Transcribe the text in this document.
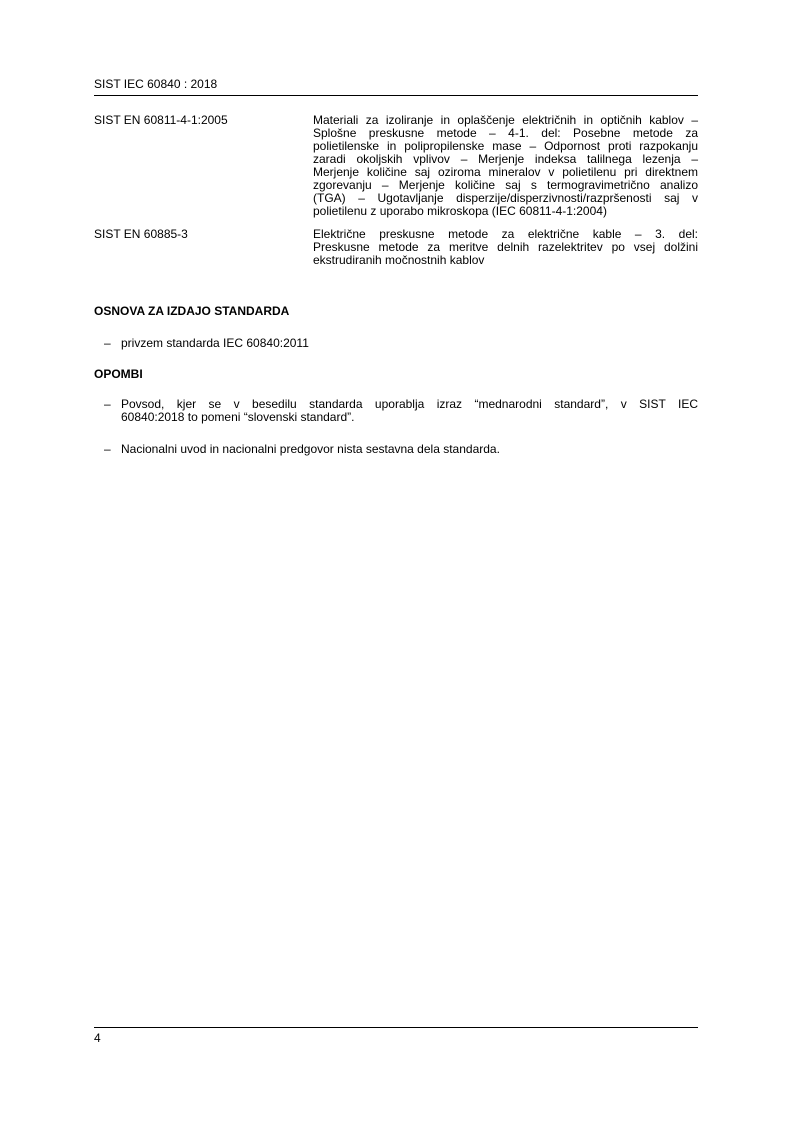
SIST IEC 60840 : 2018
SIST EN 60811-4-1:2005	Materiali za izoliranje in oplaščenje električnih in optičnih kablov –
Splošne preskusne metode – 4-1. del: Posebne metode za
polietilenske in polipropilenske mase – Odpornost proti razpokanju
zaradi okoljskih vplivov – Merjenje indeksa talilnega lezenja –
Merjenje količine saj oziroma mineralov v polietilenu pri direktnem
zgorevanju – Merjenje količine saj s termogravimetrično analizo
(TGA) – Ugotavljanje disperzije/disperzivnosti/razpršenosti saj v
polietilenu z uporabo mikroskopa (IEC 60811-4-1:2004)
SIST EN 60885-3	Električne preskusne metode za električne kable – 3. del:
Preskusne metode za meritve delnih razelektritev po vsej dolžini
ekstrudiranih močnostnih kablov
OSNOVA ZA IZDAJO STANDARDA
– privzem standarda IEC 60840:2011
OPOMBI
– Povsod, kjer se v besedilu standarda uporablja izraz “mednarodni standard”, v SIST IEC
60840:2018 to pomeni “slovenski standard”.
– Nacionalni uvod in nacionalni predgovor nista sestavna dela standarda.
4
